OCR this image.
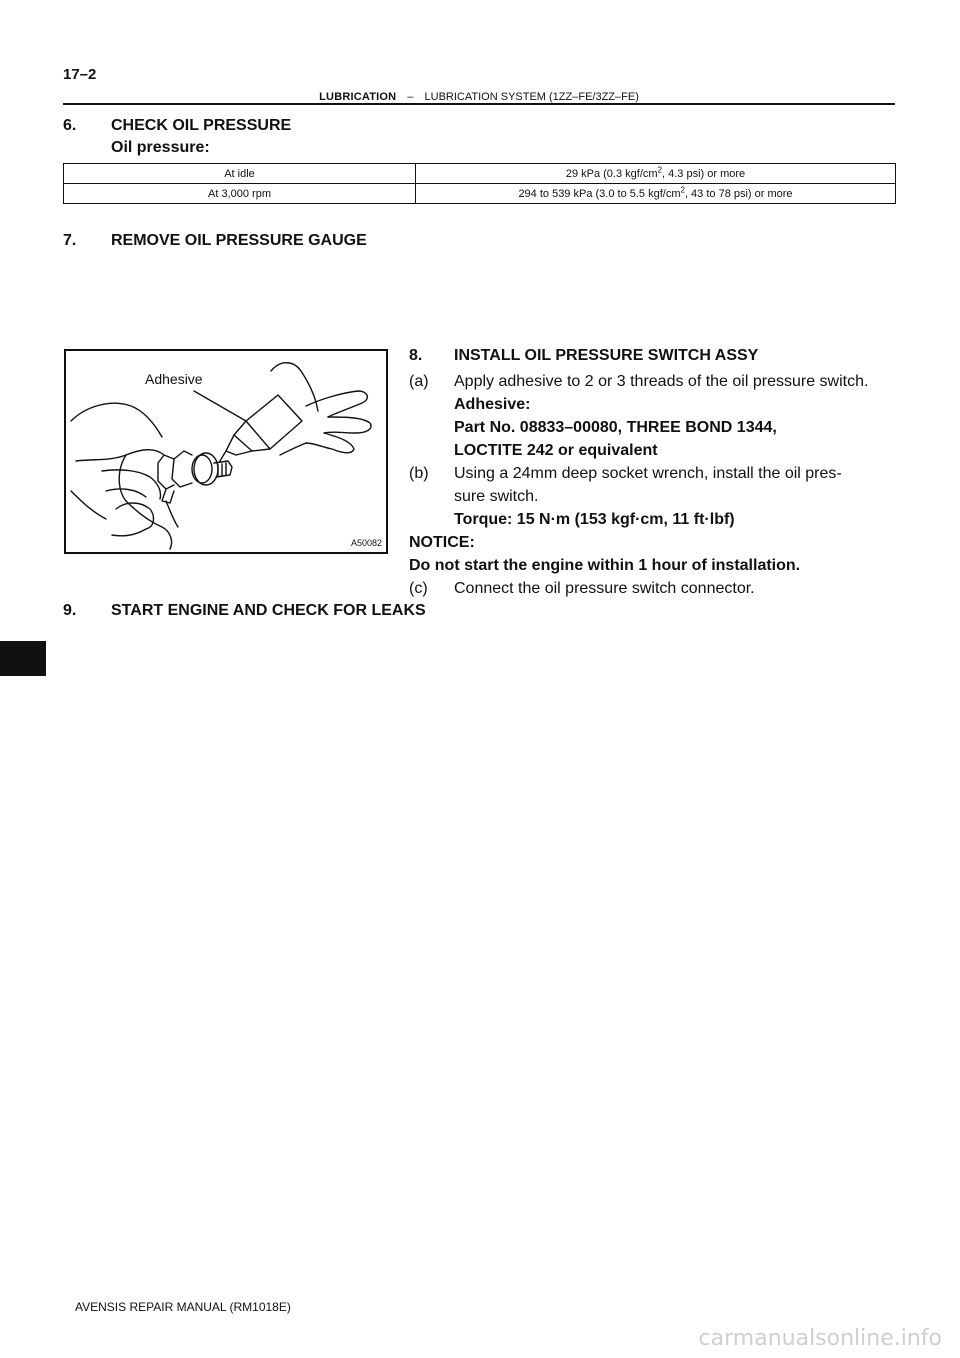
17–2
LUBRICATION – LUBRICATION SYSTEM (1ZZ–FE/3ZZ–FE)
6. CHECK OIL PRESSURE
Oil pressure:
At idle	29 kPa (0.3 kgf/$cm^2$, 4.3 psi) or more
At 3,000 rpm	294 to 539 kPa (3.0 to 5.5 kgf/$cm^2$, 43 to 78 psi) or more
7. REMOVE OIL PRESSURE GAUGE
Adhesive
A50082
8. INSTALL OIL PRESSURE SWITCH ASSY
(a) Apply adhesive to 2 or 3 threads of the oil pressure switch.
Adhesive:
Part No. 08833–00080, THREE BOND 1344,
LOCTITE 242 or equivalent
(b) Using a 24mm deep socket wrench, install the oil pres-
sure switch.
Torque: 15 N·m (153 kgf·cm, 11 ft·lbf)
NOTICE:
Do not start the engine within 1 hour of installation.
(c) Connect the oil pressure switch connector.
9. START ENGINE AND CHECK FOR LEAKS
AVENSIS REPAIR MANUAL (RM1018E)
carmanualsonline.info
